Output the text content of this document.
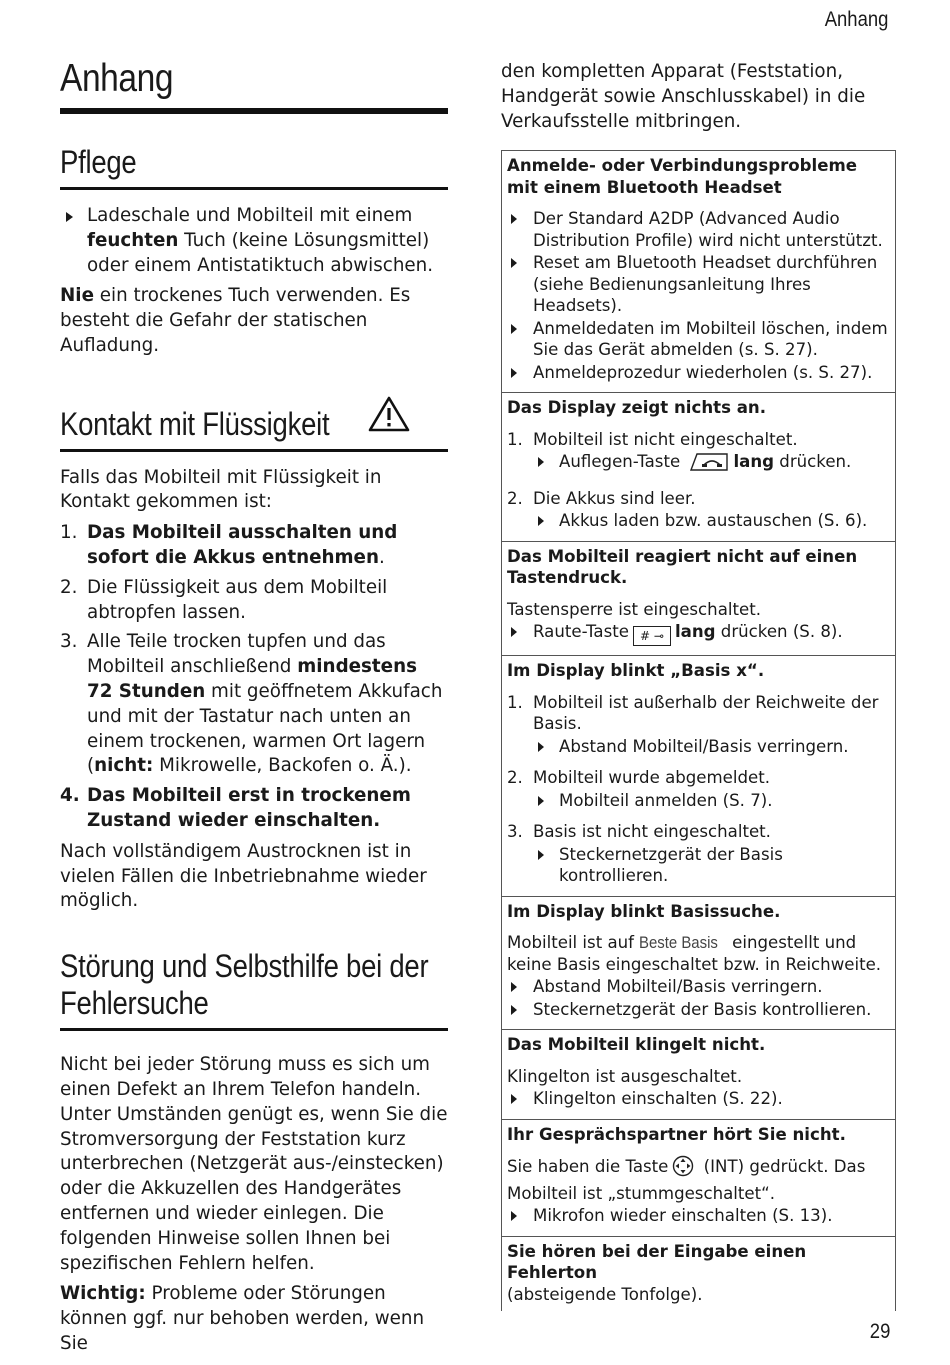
Anhang
Anhang
Pflege
Ladeschale und Mobilteil mit einem feuchten Tuch (keine Lösungsmittel) oder einem Antistatiktuch abwischen.

Nie ein trockenes Tuch verwenden. Es besteht die Gefahr der statischen Aufladung.

Kontakt mit Flüssigkeit

Falls das Mobilteil mit Flüssigkeit in Kontakt gekommen ist:

1. Das Mobilteil ausschalten und sofort die Akkus entnehmen.
2. Die Flüssigkeit aus dem Mobilteil abtropfen lassen.
3. Alle Teile trocken tupfen und das Mobilteil anschließend mindestens 72 Stunden mit geöffnetem Akkufach und mit der Tastatur nach unten an einem trockenen, warmen Ort lagern (nicht: Mikrowelle, Backofen o. Ä.).
4. Das Mobilteil erst in trockenem Zustand wieder einschalten.

Nach vollständigem Austrocknen ist in vielen Fällen die Inbetriebnahme wieder möglich.

Störung und Selbsthilfe bei der
Fehlersuche

Nicht bei jeder Störung muss es sich um einen Defekt an Ihrem Telefon handeln. Unter Umständen genügt es, wenn Sie die Stromversorgung der Feststation kurz unterbrechen (Netzgerät aus-/einstecken) oder die Akkuzellen des Handgerätes entfernen und wieder einlegen. Die folgenden Hinweise sollen Ihnen bei spezifischen Fehlern helfen.

Wichtig: Probleme oder Störungen können ggf. nur behoben werden, wenn Sie

den kompletten Apparat (Feststation, Handgerät sowie Anschlusskabel) in die Verkaufsstelle mitbringen.

Anmelde- oder Verbindungsprobleme mit einem Bluetooth Headset
Der Standard A2DP (Advanced Audio Distribution Profile) wird nicht unterstützt.
Reset am Bluetooth Headset durchführen (siehe Bedienungsanleitung Ihres Headsets).
Anmeldedaten im Mobilteil löschen, indem Sie das Gerät abmelden (s. S. 27).
Anmeldeprozedur wiederholen (s. S. 27).
Das Display zeigt nichts an.
1. Mobilteil ist nicht eingeschaltet.
Auflegen-Taste	lang drücken.
2. Die Akkus sind leer.
Akkus laden bzw. austauschen (S. 6).
Das Mobilteil reagiert nicht auf einen Tastendruck.
Tastensperre ist eingeschaltet.
Raute-Taste # ⊸ lang drücken (S. 8).
Im Display blinkt „Basis x“.
1. Mobilteil ist außerhalb der Reichweite der Basis.
Abstand Mobilteil/Basis verringern.
2. Mobilteil wurde abgemeldet.
Mobilteil anmelden (S. 7).
3. Basis ist nicht eingeschaltet.
Steckernetzgerät der Basis kontrollieren.
Im Display blinkt Basissuche.
Mobilteil ist auf Beste Basis eingestellt und keine Basis eingeschaltet bzw. in Reichweite.
Abstand Mobilteil/Basis verringern.
Steckernetzgerät der Basis kontrollieren.
Das Mobilteil klingelt nicht.
Klingelton ist ausgeschaltet.
Klingelton einschalten (S. 22).
Ihr Gesprächspartner hört Sie nicht.
Sie haben die Taste (INT) gedrückt. Das Mobilteil ist „stummgeschaltet“.
Mikrofon wieder einschalten (S. 13).
Sie hören bei der Eingabe einen Fehlerton
(absteigende Tonfolge).
29
